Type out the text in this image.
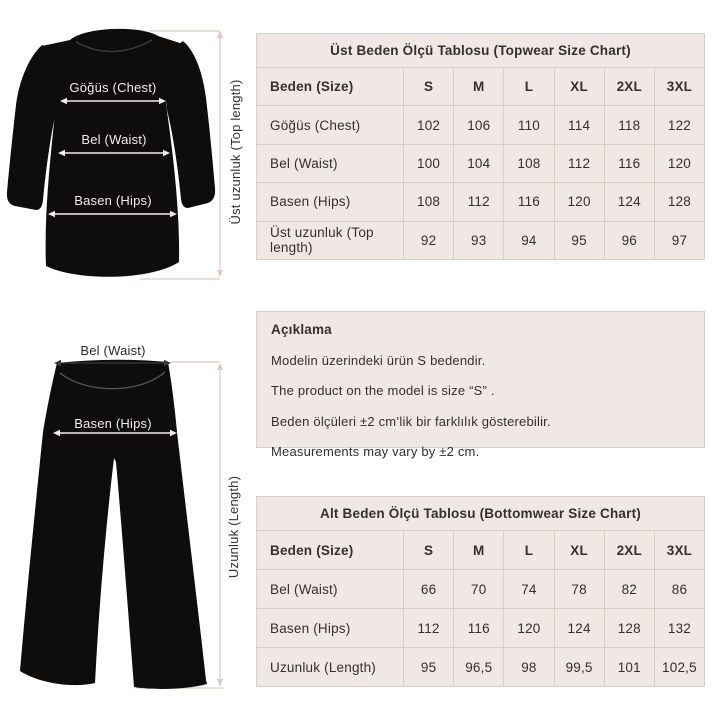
Üst uzunluk (Top length)
Uzunluk (Length)
Göğüs (Chest)
Bel (Waist)
Basen (Hips)
Bel (Waist)
Basen (Hips)
Üst Beden Ölçü Tablosu (Topwear Size Chart)
Beden (Size)	S	M	L	XL	2XL	3XL
Göğüs (Chest)	102	106	110	114	118	122
Bel (Waist)	100	104	108	112	116	120
Basen (Hips)	108	112	116	120	124	128
Üst uzunluk (Top length)	92	93	94	95	96	97
Açıklama
Modelin üzerindeki ürün S bedendir.
The product on the model is size “S” .
Beden ölçüleri ±2 cm’lik bir farklılık gösterebilir.
Measurements may vary by ±2 cm.
Alt Beden Ölçü Tablosu (Bottomwear Size Chart)
Beden (Size)	S	M	L	XL	2XL	3XL
Bel (Waist)	66	70	74	78	82	86
Basen (Hips)	112	116	120	124	128	132
Uzunluk (Length)	95	96,5	98	99,5	101	102,5
